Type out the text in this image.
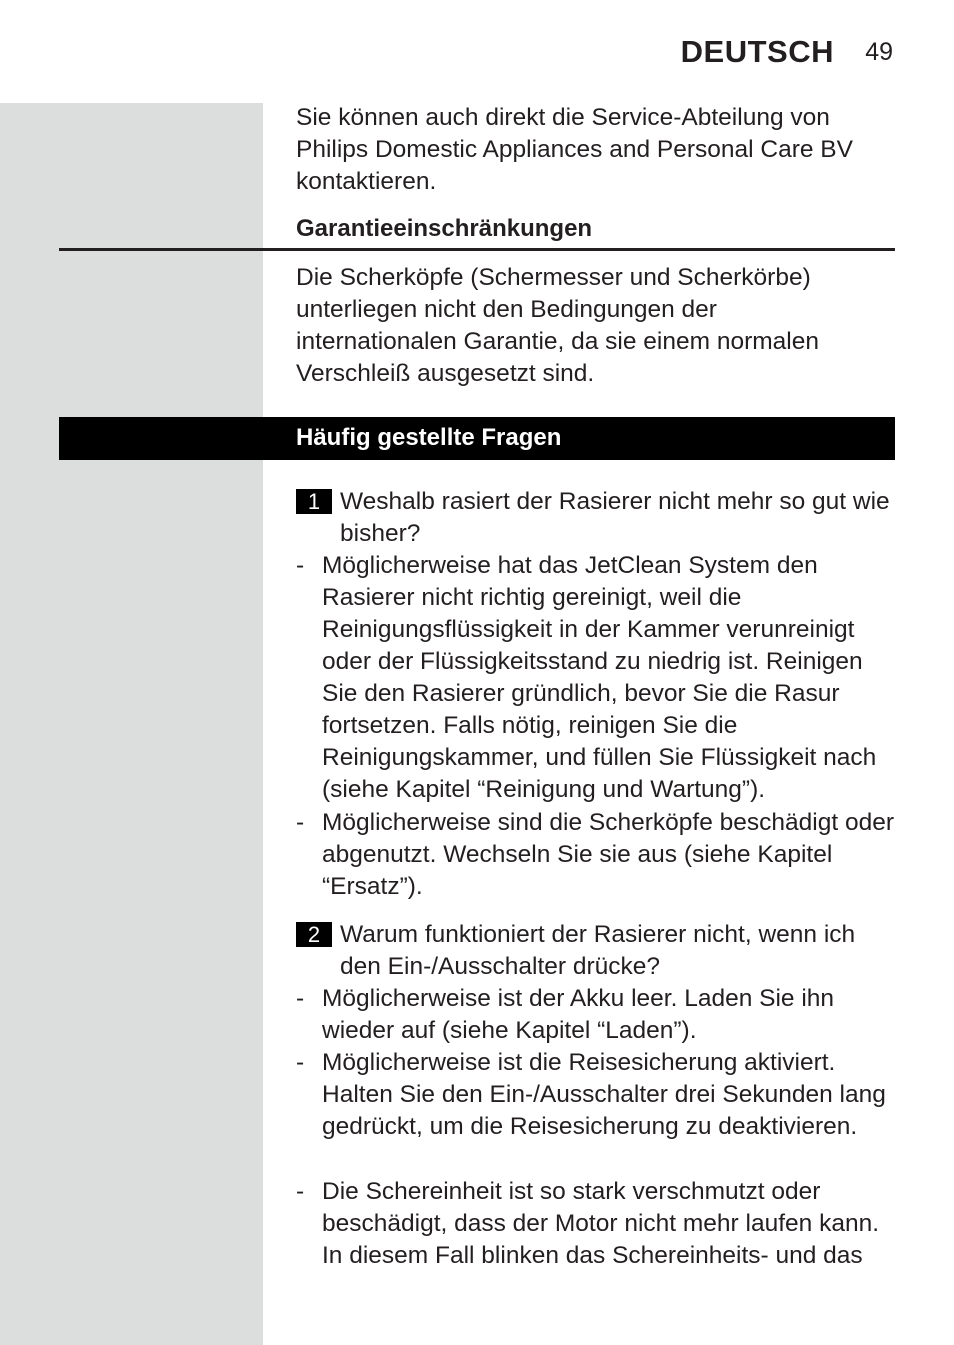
DEUTSCH 49
Sie können auch direkt die Service-Abteilung von Philips Domestic Appliances and Personal Care BV kontaktieren.
Garantieeinschränkungen
Die Scherköpfe (Schermesser und Scherkörbe) unterliegen nicht den Bedingungen der internationalen Garantie, da sie einem normalen Verschleiß ausgesetzt sind.
Häufig gestellte Fragen
1 Weshalb rasiert der Rasierer nicht mehr so gut wie bisher?
- Möglicherweise hat das JetClean System den Rasierer nicht richtig gereinigt, weil die Reinigungsflüssigkeit in der Kammer verunreinigt oder der Flüssigkeitsstand zu niedrig ist. Reinigen Sie den Rasierer gründlich, bevor Sie die Rasur fortsetzen. Falls nötig, reinigen Sie die Reinigungskammer, und füllen Sie Flüssigkeit nach (siehe Kapitel “Reinigung und Wartung”).
- Möglicherweise sind die Scherköpfe beschädigt oder abgenutzt. Wechseln Sie sie aus (siehe Kapitel “Ersatz”).
2 Warum funktioniert der Rasierer nicht, wenn ich den Ein-/Ausschalter drücke?
- Möglicherweise ist der Akku leer. Laden Sie ihn wieder auf (siehe Kapitel “Laden”).
- Möglicherweise ist die Reisesicherung aktiviert. Halten Sie den Ein-/Ausschalter drei Sekunden lang gedrückt, um die Reisesicherung zu deaktivieren.
- Die Schereinheit ist so stark verschmutzt oder beschädigt, dass der Motor nicht mehr laufen kann. In diesem Fall blinken das Schereinheits- und das
